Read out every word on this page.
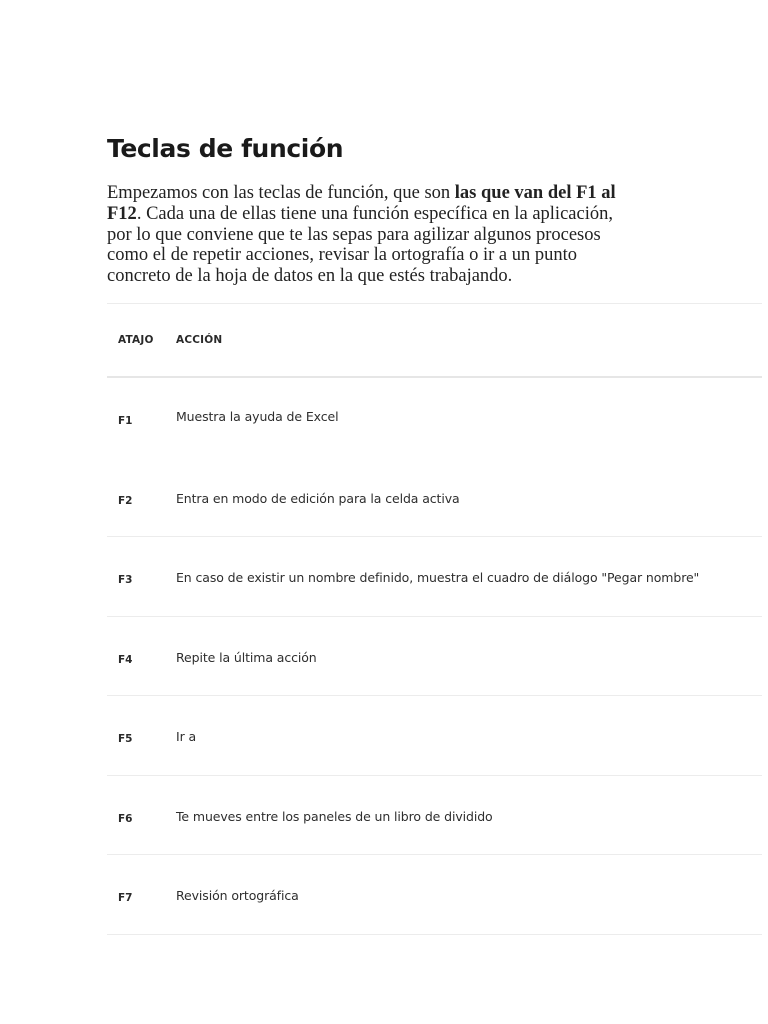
Teclas de función

Empezamos con las teclas de función, que son las que van del F1 al
F12. Cada una de ellas tiene una función específica en la aplicación,
por lo que conviene que te las sepas para agilizar algunos procesos
como el de repetir acciones, revisar la ortografía o ir a un punto
concreto de la hoja de datos en la que estés trabajando.

ATAJO ACCIÓN
F1	Muestra la ayuda de Excel
F2	Entra en modo de edición para la celda activa
F3	En caso de existir un nombre definido, muestra el cuadro de diálogo "Pegar nombre"
F4	Repite la última acción
F5	Ir a
F6	Te mueves entre los paneles de un libro de dividido
F7	Revisión ortográfica
